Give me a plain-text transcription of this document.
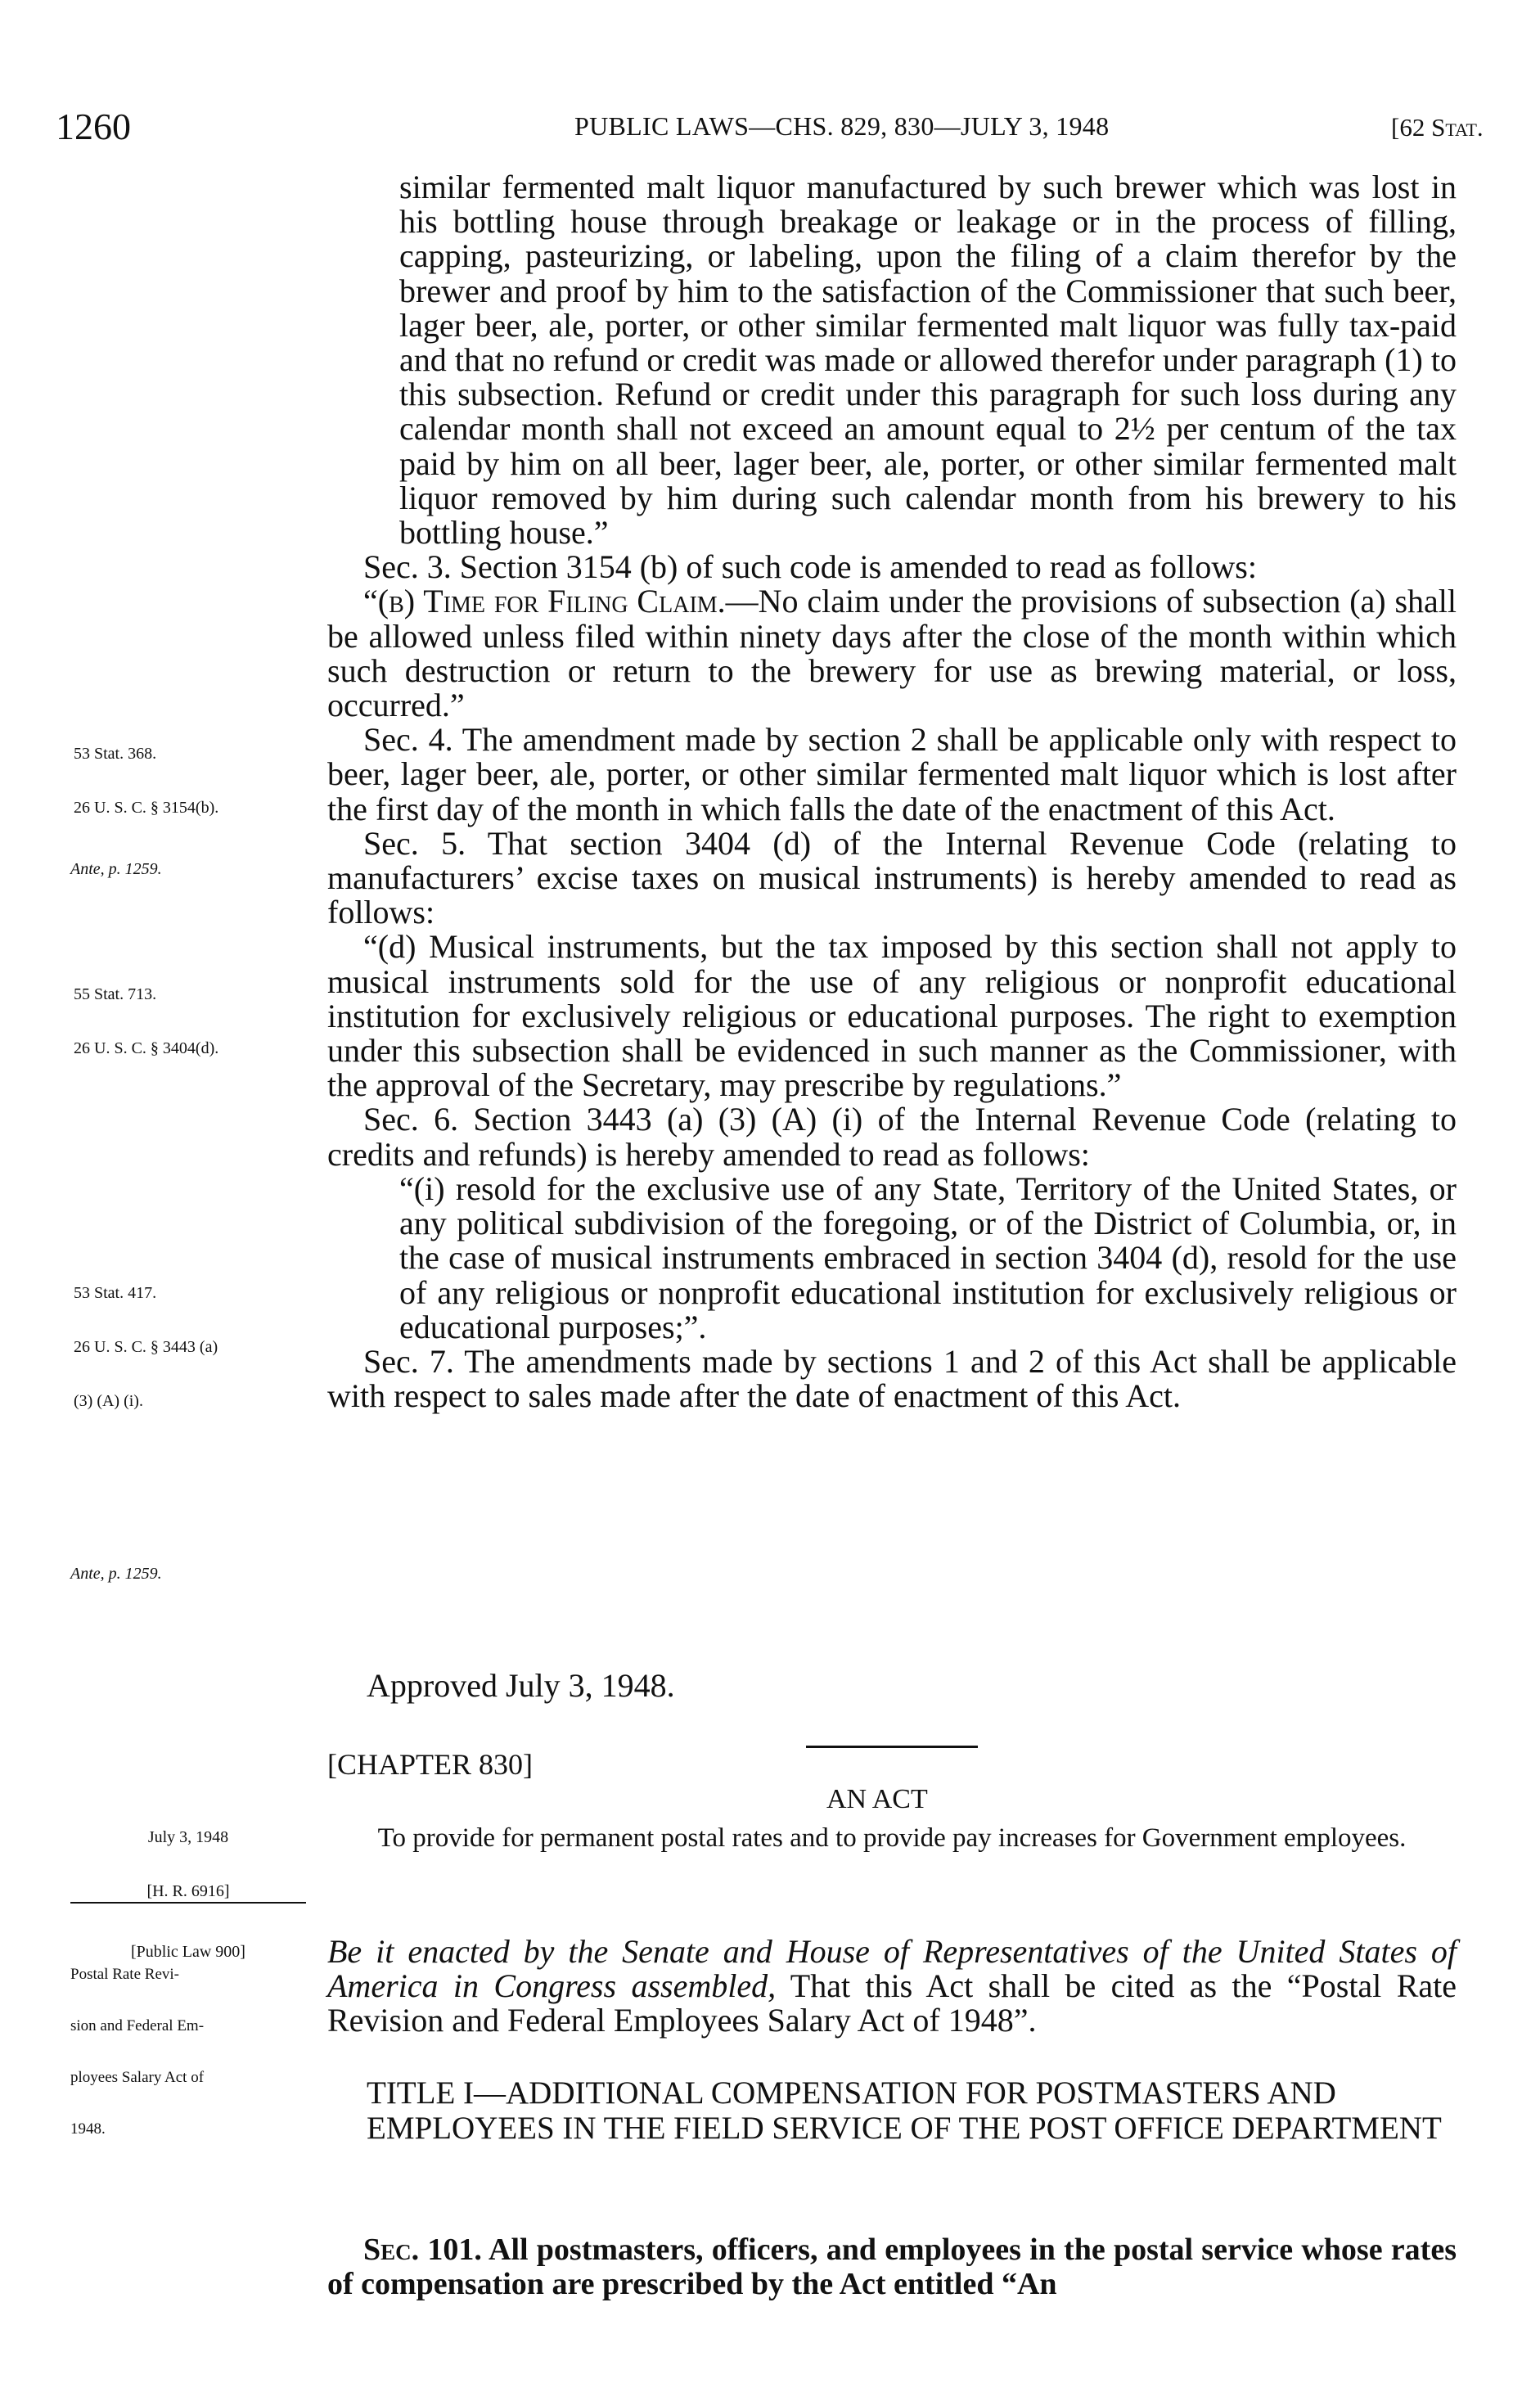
1260	PUBLIC LAWS—CHS. 829, 830—JULY 3, 1948	[62 Stat.

53 Stat. 368.

26 U. S. C. § 3154(b).

Ante, p. 1259.

55 Stat. 713.

26 U. S. C. § 3404(d).

53 Stat. 417.

26 U. S. C. § 3443 (a)

(3) (A) (i).

Ante, p. 1259.

July 3, 1948

[H. R. 6916]

[Public Law 900]

Postal Rate Revi-

sion and Federal Em-

ployees Salary Act of

1948.

similar fermented malt liquor manufactured by such brewer which was lost in his bottling house through breakage or leakage or in the process of filling, capping, pasteurizing, or labeling, upon the filing of a claim therefor by the brewer and proof by him to the satisfaction of the Commissioner that such beer, lager beer, ale, porter, or other similar fermented malt liquor was fully tax-paid and that no refund or credit was made or allowed therefor under paragraph (1) to this subsection. Refund or credit under this paragraph for such loss during any calendar month shall not exceed an amount equal to 2½ per centum of the tax paid by him on all beer, lager beer, ale, porter, or other similar fermented malt liquor removed by him during such calendar month from his brewery to his bottling house.”

Sec. 3. Section 3154 (b) of such code is amended to read as follows:

“(b) Time for Filing Claim.—No claim under the provisions of subsection (a) shall be allowed unless filed within ninety days after the close of the month within which such destruction or return to the brewery for use as brewing material, or loss, occurred.”

Sec. 4. The amendment made by section 2 shall be applicable only with respect to beer, lager beer, ale, porter, or other similar fermented malt liquor which is lost after the first day of the month in which falls the date of the enactment of this Act.

Sec. 5. That section 3404 (d) of the Internal Revenue Code (relating to manufacturers’ excise taxes on musical instruments) is hereby amended to read as follows:

“(d) Musical instruments, but the tax imposed by this section shall not apply to musical instruments sold for the use of any religious or nonprofit educational institution for exclusively religious or educational purposes. The right to exemption under this subsection shall be evidenced in such manner as the Commissioner, with the approval of the Secretary, may prescribe by regulations.”

Sec. 6. Section 3443 (a) (3) (A) (i) of the Internal Revenue Code (relating to credits and refunds) is hereby amended to read as follows:

“(i) resold for the exclusive use of any State, Territory of the United States, or any political subdivision of the foregoing, or of the District of Columbia, or, in the case of musical instruments embraced in section 3404 (d), resold for the use of any religious or nonprofit educational institution for exclusively religious or educational purposes;”.

Sec. 7. The amendments made by sections 1 and 2 of this Act shall be applicable with respect to sales made after the date of enactment of this Act.

Approved July 3, 1948.
[CHAPTER 830]
AN ACT
To provide for permanent postal rates and to provide pay increases for Government employees.

Be it enacted by the Senate and House of Representatives of the United States of America in Congress assembled, That this Act shall be cited as the “Postal Rate Revision and Federal Employees Salary Act of 1948”.

TITLE I—ADDITIONAL COMPENSATION FOR POSTMASTERS AND EMPLOYEES IN THE FIELD SERVICE OF THE POST OFFICE DEPARTMENT

Sec. 101. All postmasters, officers, and employees in the postal service whose rates of compensation are prescribed by the Act entitled “An
